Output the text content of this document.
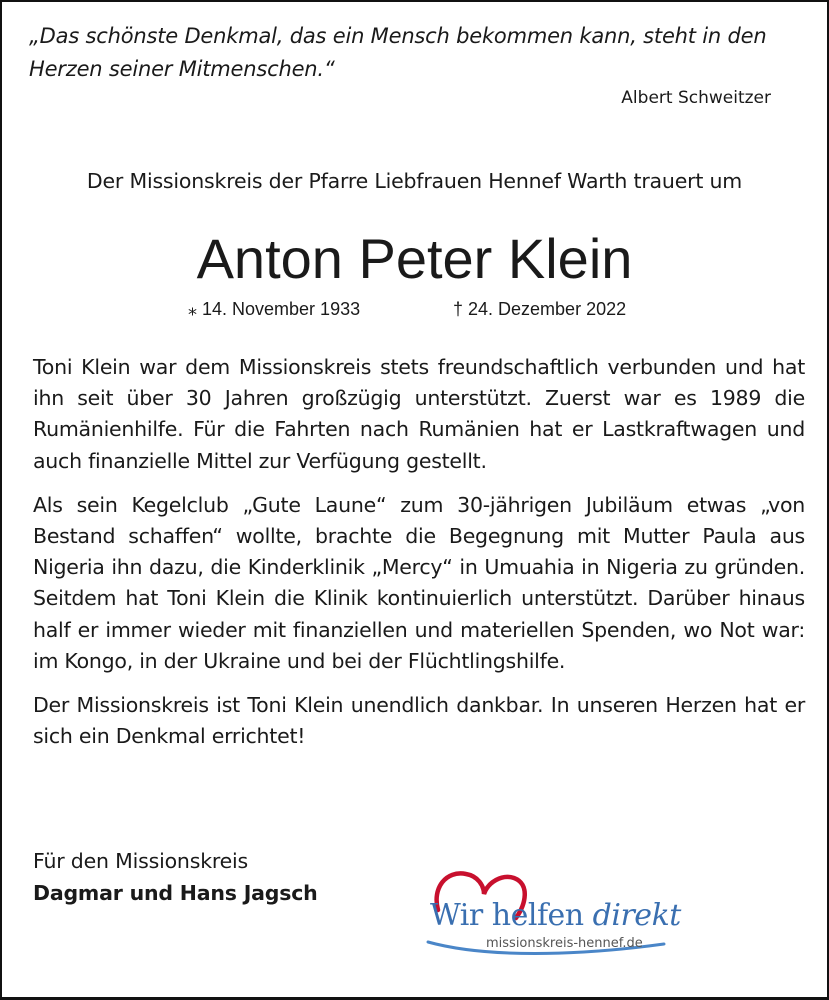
„Das schönste Denkmal, das ein Mensch bekommen kann, steht in den
Herzen seiner Mitmenschen.“
Albert Schweitzer
Der Missionskreis der Pfarre Liebfrauen Hennef Warth trauert um
Anton Peter Klein
⁎ 14. November 1933	† 24. Dezember 2022

Toni Klein war dem Missionskreis stets freundschaftlich verbunden und hat ihn seit über 30 Jahren großzügig unterstützt. Zuerst war es 1989 die Rumänienhilfe. Für die Fahrten nach Rumänien hat er Lastkraftwagen und auch finanzielle Mittel zur Verfügung gestellt.

Als sein Kegelclub „Gute Laune“ zum 30-jährigen Jubiläum etwas „von Bestand schaffen“ wollte, brachte die Begegnung mit Mutter Paula aus Nigeria ihn dazu, die Kinderklinik „Mercy“ in Umuahia in Nigeria zu gründen. Seitdem hat Toni Klein die Klinik kontinuierlich unterstützt. Darüber hinaus half er immer wieder mit finanziellen und materiellen Spenden, wo Not war: im Kongo, in der Ukraine und bei der Flüchtlingshilfe.

Der Missionskreis ist Toni Klein unendlich dankbar. In unseren Herzen hat er sich ein Denkmal errichtet!

Für den Missionskreis
Dagmar und Hans Jagsch
Wir helfen direkt
missionskreis-hennef.de
